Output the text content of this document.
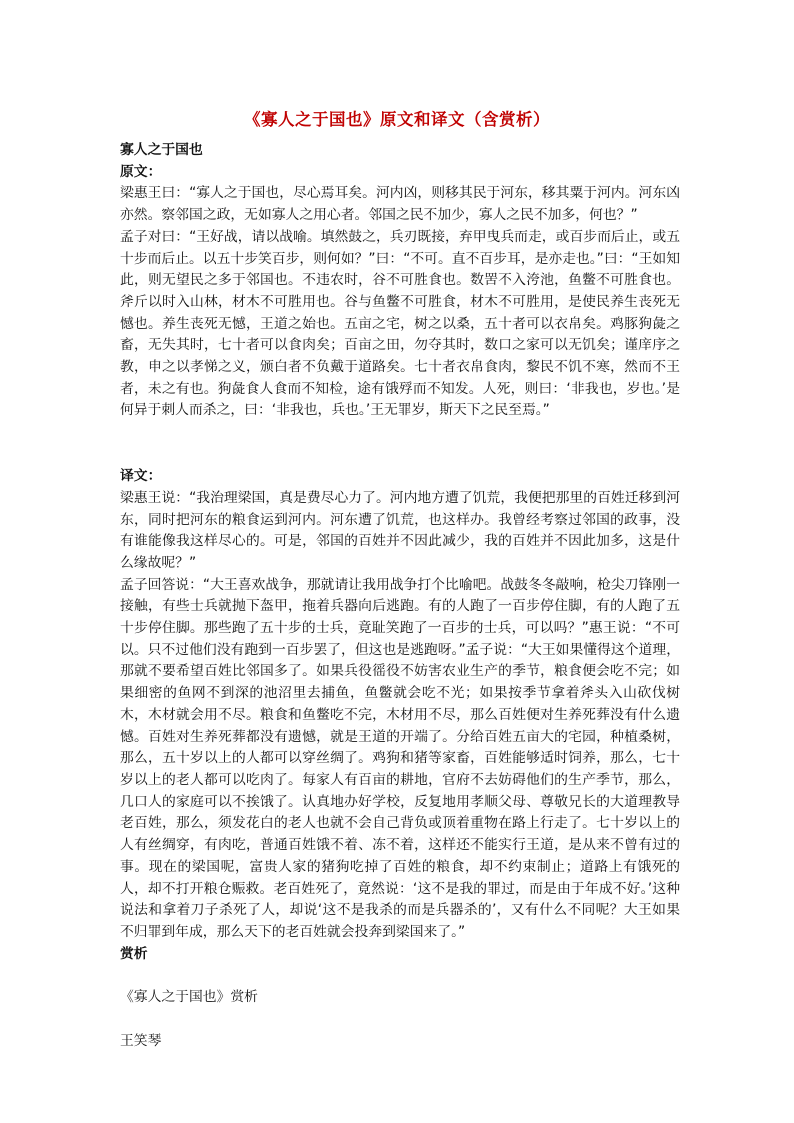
《寡人之于国也》原文和译文（含赏析）

寡人之于国也

原文：

梁惠王曰：“寡人之于国也，尽心焉耳矣。河内凶，则移其民于河东，移其粟于河内。河东凶亦然。察邻国之政，无如寡人之用心者。邻国之民不加少，寡人之民不加多，何也？”

孟子对曰：“王好战，请以战喻。填然鼓之，兵刃既接，弃甲曳兵而走，或百步而后止，或五十步而后止。以五十步笑百步，则何如？”曰：“不可。直不百步耳，是亦走也。”曰：“王如知此，则无望民之多于邻国也。不违农时，谷不可胜食也。数罟不入洿池，鱼鳖不可胜食也。斧斤以时入山林，材木不可胜用也。谷与鱼鳖不可胜食，材木不可胜用，是使民养生丧死无憾也。养生丧死无憾，王道之始也。五亩之宅，树之以桑，五十者可以衣帛矣。鸡豚狗彘之畜，无失其时，七十者可以食肉矣；百亩之田，勿夺其时，数口之家可以无饥矣；谨庠序之教，申之以孝悌之义，颁白者不负戴于道路矣。七十者衣帛食肉，黎民不饥不寒，然而不王者，未之有也。狗彘食人食而不知检，途有饿殍而不知发。人死，则曰：‘非我也，岁也。’是何异于刺人而杀之，曰：‘非我也，兵也。’王无罪岁，斯天下之民至焉。”

译文：

梁惠王说：“我治理梁国，真是费尽心力了。河内地方遭了饥荒，我便把那里的百姓迁移到河东，同时把河东的粮食运到河内。河东遭了饥荒，也这样办。我曾经考察过邻国的政事，没有谁能像我这样尽心的。可是，邻国的百姓并不因此减少，我的百姓并不因此加多，这是什么缘故呢？”

孟子回答说：“大王喜欢战争，那就请让我用战争打个比喻吧。战鼓冬冬敲响，枪尖刀锋刚一接触，有些士兵就抛下盔甲，拖着兵器向后逃跑。有的人跑了一百步停住脚，有的人跑了五十步停住脚。那些跑了五十步的士兵，竟耻笑跑了一百步的士兵，可以吗？”惠王说：“不可以。只不过他们没有跑到一百步罢了，但这也是逃跑呀。”孟子说：“大王如果懂得这个道理，那就不要希望百姓比邻国多了。如果兵役徭役不妨害农业生产的季节，粮食便会吃不完；如果细密的鱼网不到深的池沼里去捕鱼，鱼鳖就会吃不光；如果按季节拿着斧头入山砍伐树木，木材就会用不尽。粮食和鱼鳖吃不完，木材用不尽，那么百姓便对生养死葬没有什么遗憾。百姓对生养死葬都没有遗憾，就是王道的开端了。分给百姓五亩大的宅园，种植桑树，那么，五十岁以上的人都可以穿丝绸了。鸡狗和猪等家畜，百姓能够适时饲养，那么，七十岁以上的老人都可以吃肉了。每家人有百亩的耕地，官府不去妨碍他们的生产季节，那么，几口人的家庭可以不挨饿了。认真地办好学校，反复地用孝顺父母、尊敬兄长的大道理教导老百姓，那么，须发花白的老人也就不会自己背负或顶着重物在路上行走了。七十岁以上的人有丝绸穿，有肉吃，普通百姓饿不着、冻不着，这样还不能实行王道，是从来不曾有过的事。现在的梁国呢，富贵人家的猪狗吃掉了百姓的粮食，却不约束制止；道路上有饿死的人，却不打开粮仓赈救。老百姓死了，竟然说：‘这不是我的罪过，而是由于年成不好。’这种说法和拿着刀子杀死了人，却说‘这不是我杀的而是兵器杀的’，又有什么不同呢？大王如果不归罪到年成，那么天下的老百姓就会投奔到梁国来了。”

赏析

《寡人之于国也》赏析

王笑琴
